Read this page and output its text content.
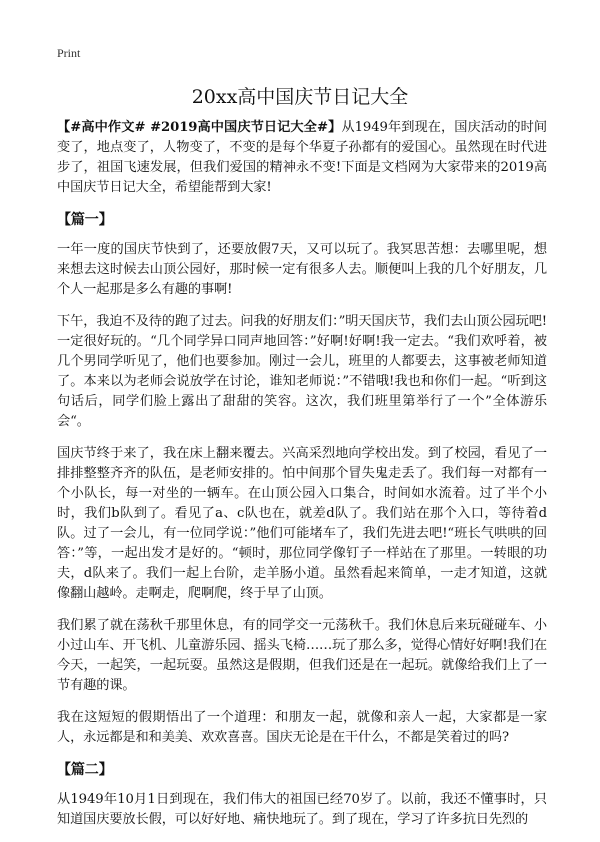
Print
20xx高中国庆节日记大全

【#高中作文# #2019高中国庆节日记大全#】从1949年到现在，国庆活动的时间变了，地点变了，人物变了，不变的是每个华夏子孙都有的爱国心。虽然现在时代进步了，祖国飞速发展，但我们爱国的精神永不变!下面是文档网为大家带来的2019高中国庆节日记大全，希望能帮到大家!

【篇一】

一年一度的国庆节快到了，还要放假7天，又可以玩了。我冥思苦想：去哪里呢，想来想去这时候去山顶公园好，那时候一定有很多人去。顺便叫上我的几个好朋友，几个人一起那是多么有趣的事啊!

下午，我迫不及待的跑了过去。问我的好朋友们：”明天国庆节，我们去山顶公园玩吧!一定很好玩的。“几个同学异口同声地回答：”好啊!好啊!我一定去。“我们欢呼着，被几个男同学听见了，他们也要参加。刚过一会儿，班里的人都要去，这事被老师知道了。本来以为老师会说放学在讨论，谁知老师说：”不错哦!我也和你们一起。“听到这句话后，同学们脸上露出了甜甜的笑容。这次，我们班里第举行了一个”全体游乐会“。

国庆节终于来了，我在床上翻来覆去。兴高采烈地向学校出发。到了校园，看见了一排排整整齐齐的队伍，是老师安排的。怕中间那个冒失鬼走丢了。我们每一对都有一个小队长，每一对坐的一辆车。在山顶公园入口集合，时间如水流着。过了半个小时，我们b队到了。看见了a、c队也在，就差d队了。我们站在那个入口，等待着d队。过了一会儿，有一位同学说：”他们可能堵车了，我们先进去吧!“班长气哄哄的回答：”等，一起出发才是好的。“顿时，那位同学像钉子一样站在了那里。一转眼的功夫，d队来了。我们一起上台阶，走羊肠小道。虽然看起来简单，一走才知道，这就像翻山越岭。走啊走，爬啊爬，终于早了山顶。

我们累了就在荡秋千那里休息，有的同学交一元荡秋千。我们休息后来玩碰碰车、小小过山车、开飞机、儿童游乐园、摇头飞椅……玩了那么多，觉得心情好好啊!我们在今天，一起笑，一起玩耍。虽然这是假期，但我们还是在一起玩。就像给我们上了一节有趣的课。

我在这短短的假期悟出了一个道理：和朋友一起，就像和亲人一起，大家都是一家人，永远都是和和美美、欢欢喜喜。国庆无论是在干什么，不都是笑着过的吗?

【篇二】

从1949年10月1日到现在，我们伟大的祖国已经70岁了。以前，我还不懂事时，只知道国庆要放长假，可以好好地、痛快地玩了。到了现在，学习了许多抗日先烈的
